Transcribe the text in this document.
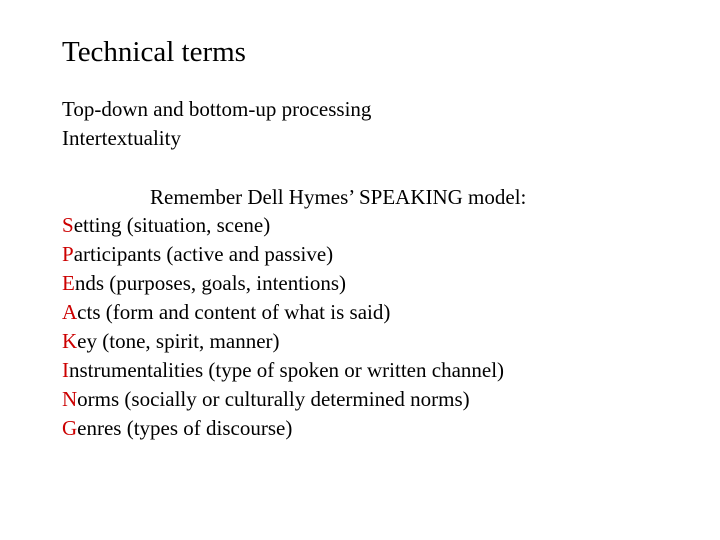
Technical terms
Top-down and bottom-up processing
Intertextuality
Remember Dell Hymes’ SPEAKING model:
Setting (situation, scene)
Participants (active and passive)
Ends (purposes, goals, intentions)
Acts (form and content of what is said)
Key (tone, spirit, manner)
Instrumentalities (type of spoken or written channel)
Norms (socially or culturally determined norms)
Genres (types of discourse)
